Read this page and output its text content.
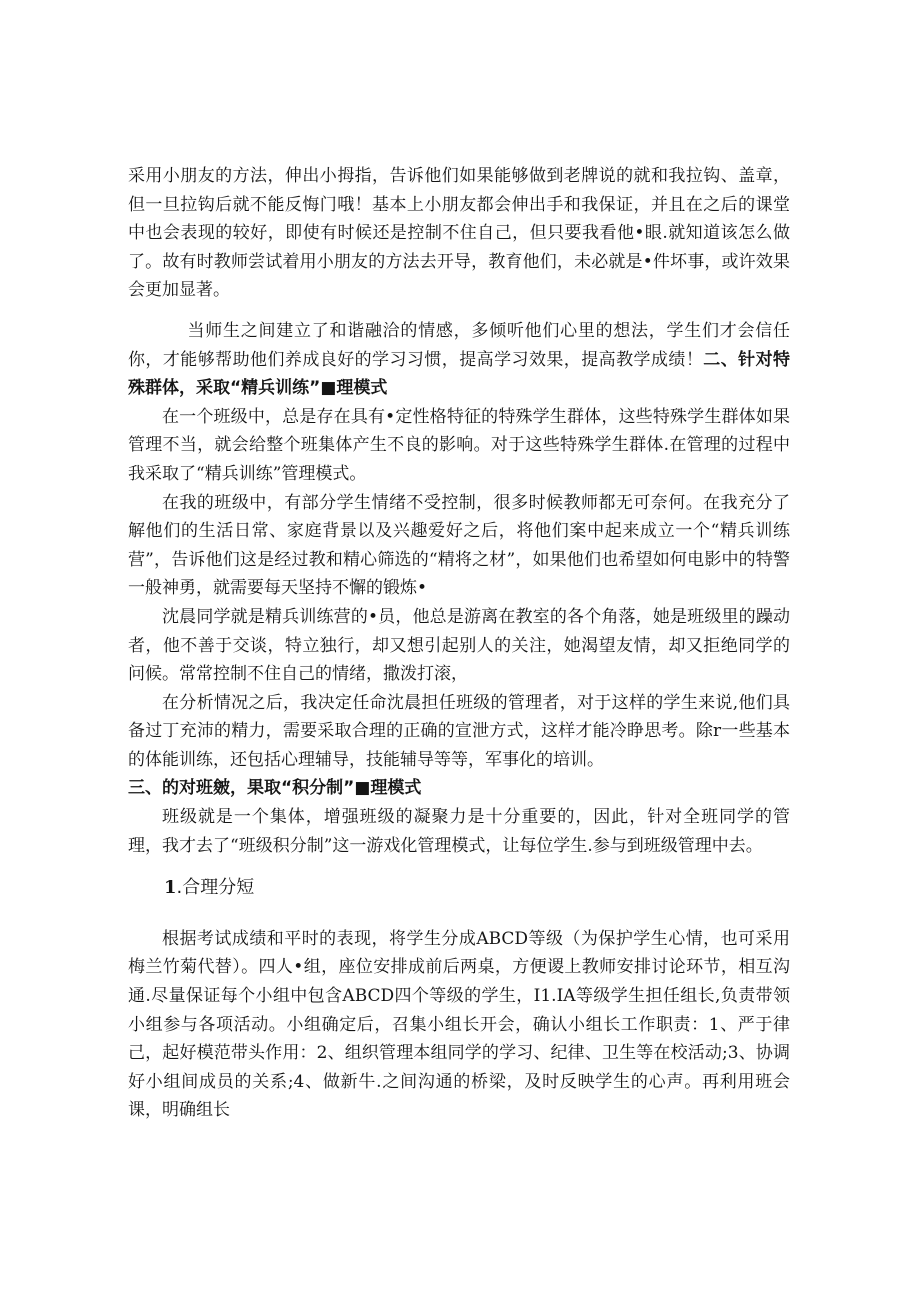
采用小朋友的方法，伸出小拇指，告诉他们如果能够做到老牌说的就和我拉钩、盖章，但一旦拉钩后就不能反悔门哦！基本上小朋友都会伸出手和我保证，并且在之后的课堂中也会表现的较好，即使有时候还是控制不住自己，但只要我看他•眼.就知道该怎么做了。故有时教师尝试着用小朋友的方法去开导，教育他们，未必就是•件坏事，或许效果会更加显著。

当师生之间建立了和谐融洽的情感，多倾听他们心里的想法，学生们才会信任你，才能够帮助他们养成良好的学习习惯，提高学习效果，提高教学成绩！二、针对特殊群体，采取“精兵训练”■理模式

在一个班级中，总是存在具有•定性格特征的特殊学生群体，这些特殊学生群体如果管理不当，就会给整个班集体产生不良的影响。对于这些特殊学生群体.在管理的过程中我采取了“精兵训练”管理模式。

在我的班级中，有部分学生情绪不受控制，很多时候教师都无可奈何。在我充分了解他们的生活日常、家庭背景以及兴趣爱好之后，将他们案中起来成立一个“精兵训练营”，告诉他们这是经过教和精心筛选的“精将之材”，如果他们也希望如何电影中的特警一般神勇，就需要每天坚持不懈的锻炼•

沈晨同学就是精兵训练营的•员，他总是游离在教室的各个角落，她是班级里的躁动者，他不善于交谈，特立独行，却又想引起别人的关注，她渴望友情，却又拒绝同学的问候。常常控制不住自己的情绪，撒泼打滚，

在分析情况之后，我决定任命沈晨担任班级的管理者，对于这样的学生来说,他们具备过丁充沛的精力，需要采取合理的正确的宣泄方式，这样才能冷睁思考。除r一些基本的体能训练，还包括心理辅导，技能辅导等等，军事化的培训。

三、的对班皴，果取“积分制”■理模式

班级就是一个集体，增强班级的凝聚力是十分重要的，因此，针对全班同学的管理，我才去了“班级积分制”这一游戏化管理模式，让每位学生.参与到班级管理中去。

1.合理分短

根据考试成绩和平时的表现，将学生分成ABCD等级（为保护学生心情，也可采用梅兰竹菊代替）。四人•组，座位安排成前后两桌，方便谡上教师安排讨论环节，相互沟通.尽量保证每个小组中包含ABCD四个等级的学生，I1.IA等级学生担任组长,负责带领小组参与各项活动。小组确定后，召集小组长开会，确认小组长工作职责：1、严于律己，起好模范带头作用：2、组织管理本组同学的学习、纪律、卫生等在校活动;3、协调好小组间成员的关系;4、做新牛.之间沟通的桥梁，及时反映学生的心声。再利用班会课，明确组长
